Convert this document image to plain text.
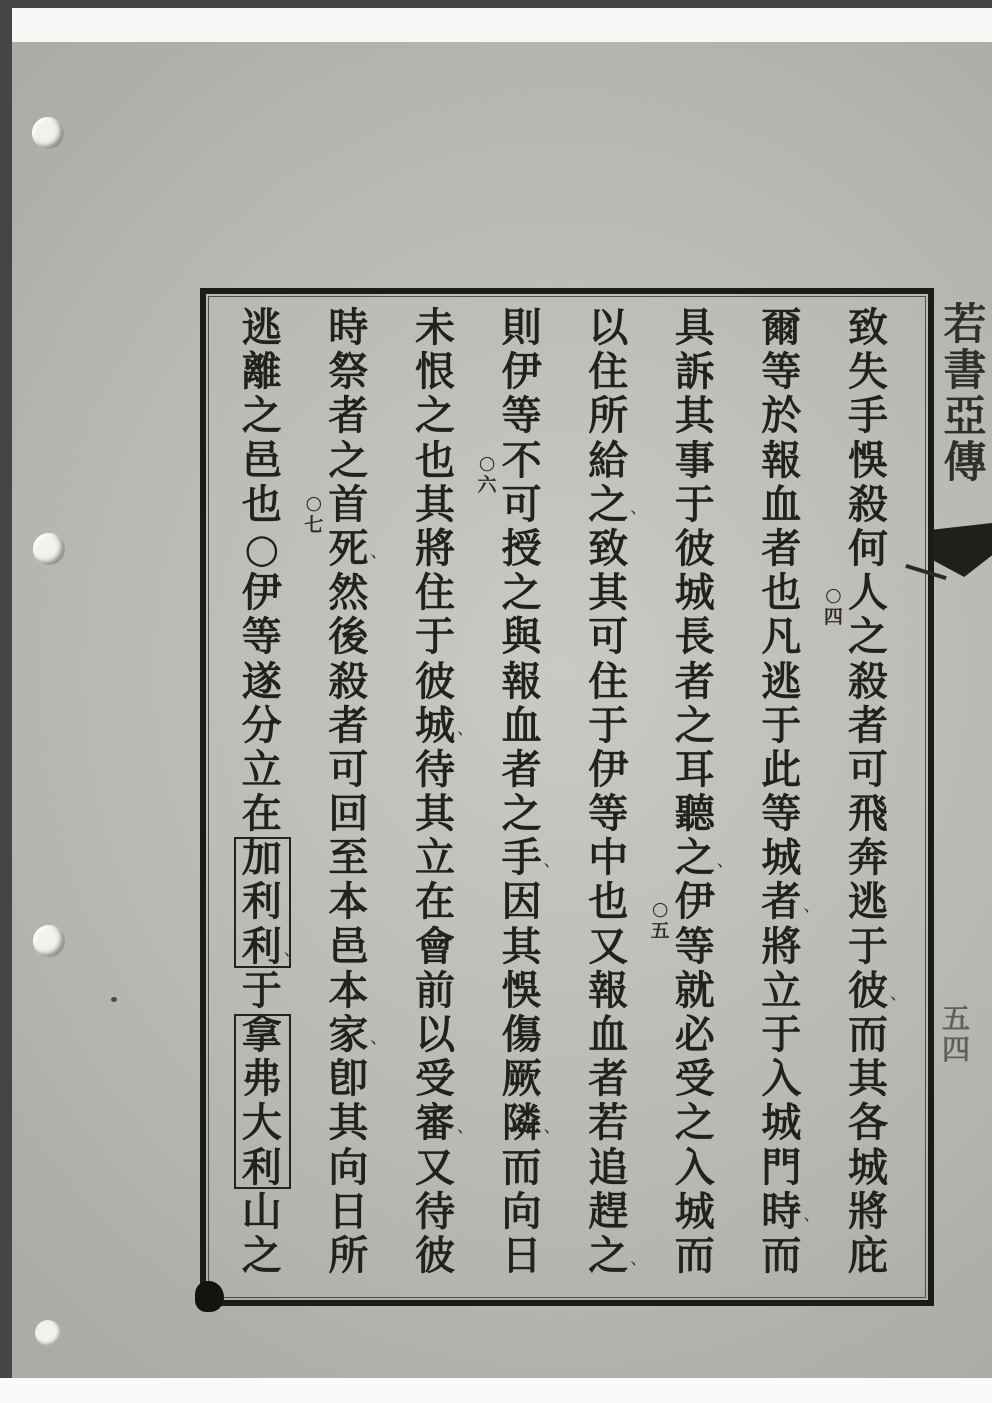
致
失
手
悞
殺
何
人
之
殺
者
可
飛
奔
逃
于
彼 、
而
其
各
城
將
庇
爾
等
於
報
血
者
也
凡
逃
于
此
等
城
者 、
將
立
于
入
城
門
時 、
而
具
訴
其
事
于
彼
城
長
者
之
耳
聽
之 、
伊
等
就
必
受
之
入
城
而
以
住
所
給
之 、
致
其
可
住
于
伊
等
中
也
又
報
血
者
若
追
趕
之 、
則
伊
等
不
可
授
之
與
報
血
者
之
手 、
因
其
悞
傷
厥
隣 、
而
向
日
未
恨
之
也
其
將
住
于
彼
城 、
待
其
立
在
會
前
以
受
審 、
又
待
彼
時
祭
者
之
首
死 、
然
後
殺
者
可
回
至
本
邑
本
家 、
卽
其
向
日
所
逃
離
之
邑
也
○
伊
等
遂
分
立
在
加
利
利 、
于
拿
弗
大
利
山
之
○
四
○
五
○
六
○
七
若
書
亞
傳
五
四
